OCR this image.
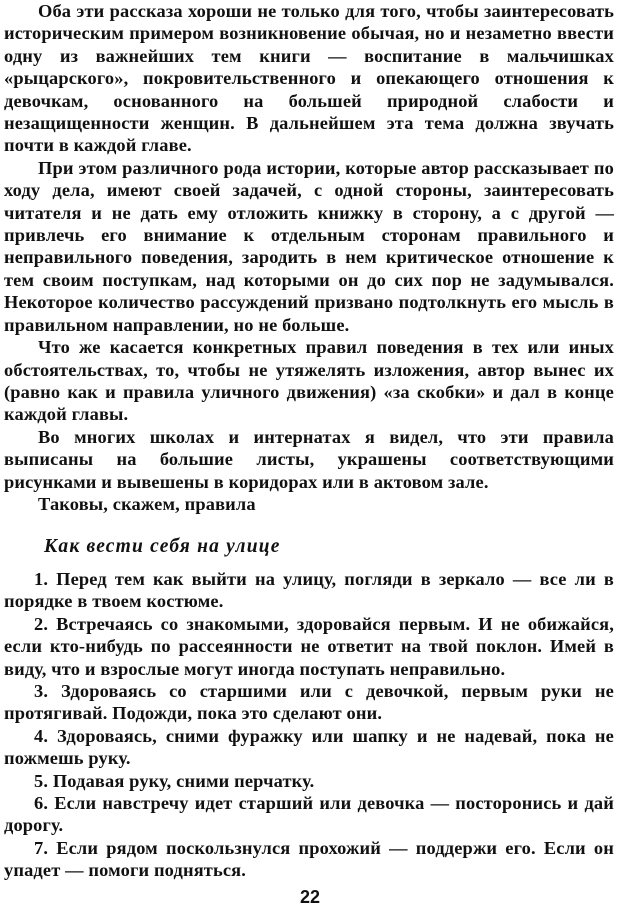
Оба эти рассказа хороши не только для того, чтобы заинтересовать историческим примером возникновение обычая, но и незаметно ввести одну из важнейших тем книги — воспитание в мальчишках «рыцарского», покровительственного и опекающего отношения к девочкам, основанного на большей природной слабости и незащищенности женщин. В дальнейшем эта тема должна звучать почти в каждой главе.

При этом различного рода истории, которые автор рассказывает по ходу дела, имеют своей задачей, с одной стороны, заинтересовать читателя и не дать ему отложить книжку в сторону, а с другой — привлечь его внимание к отдельным сторонам правильного и неправильного поведения, зародить в нем критическое отношение к тем своим поступкам, над которыми он до сих пор не задумывался. Некоторое количество рассуждений призвано подтолкнуть его мысль в правильном направлении, но не больше.

Что же касается конкретных правил поведения в тех или иных обстоятельствах, то, чтобы не утяжелять изложения, автор вынес их (равно как и правила уличного движения) «за скобки» и дал в конце каждой главы.

Во многих школах и интернатах я видел, что эти правила выписаны на большие листы, украшены соответствующими рисунками и вывешены в коридорах или в актовом зале.

Таковы, скажем, правила

Как вести себя на улице

1. Перед тем как выйти на улицу, погляди в зеркало — все ли в порядке в твоем костюме.

2. Встречаясь со знакомыми, здоровайся первым. И не обижайся, если кто-нибудь по рассеянности не ответит на твой поклон. Имей в виду, что и взрослые могут иногда поступать неправильно.

3. Здороваясь со старшими или с девочкой, первым руки не протягивай. Подожди, пока это сделают они.

4. Здороваясь, сними фуражку или шапку и не надевай, пока не пожмешь руку.

5. Подавая руку, сними перчатку.

6. Если навстречу идет старший или девочка — посторонись и дай дорогу.

7. Если рядом поскользнулся прохожий — поддержи его. Если он упадет — помоги подняться.

22
